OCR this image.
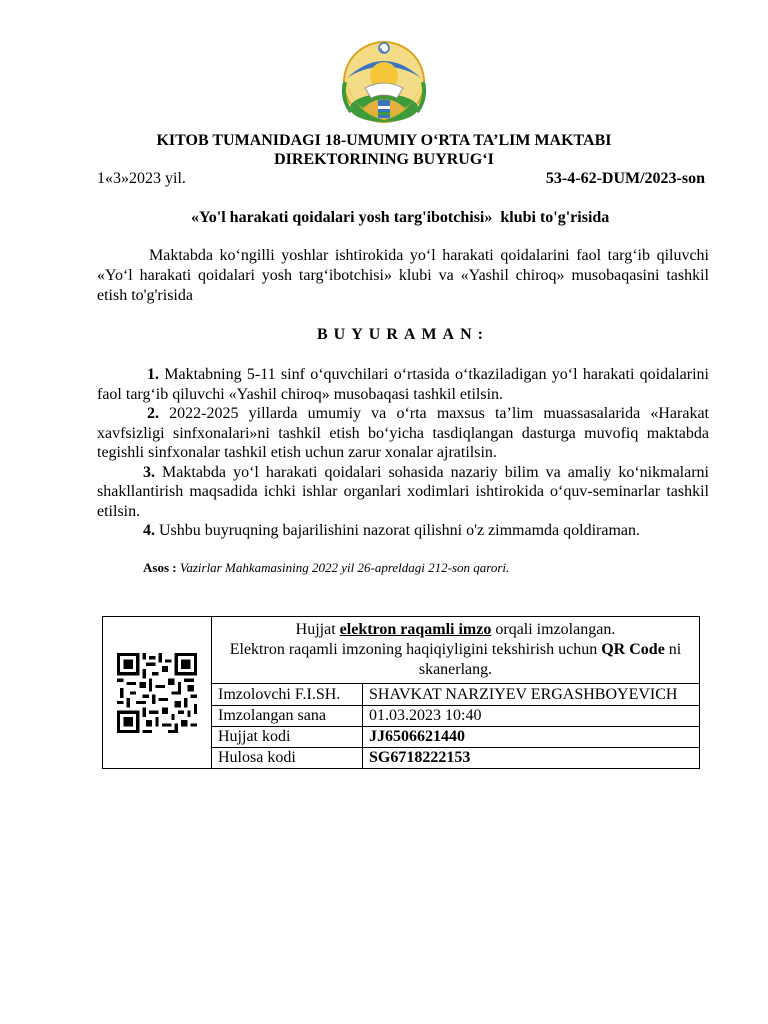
KITOB TUMANIDAGI 18-UMUMIY O‘RTA TA’LIM MAKTABI
DIREKTORINING BUYRUG‘I
1«3»2023 yil.	53-4-62-DUM/2023-son
«Yo'l harakati qoidalari yosh targ'ibotchisi»  klubi to'g'risida
Maktabda ko‘ngilli yoshlar ishtirokida yo‘l harakati qoidalarini faol targ‘ib qiluvchi «Yo‘l harakati qoidalari yosh targ‘ibotchisi» klubi va «Yashil chiroq» musobaqasini tashkil etish to'g'risida
BUYURAMAN:

1. Maktabning 5-11 sinf o‘quvchilari o‘rtasida o‘tkaziladigan yo‘l harakati qoidalarini faol targ‘ib qiluvchi «Yashil chiroq» musobaqasi tashkil etilsin.

2. 2022-2025 yillarda umumiy va o‘rta maxsus ta’lim muassasalarida «Harakat xavfsizligi sinfxonalari»ni tashkil etish bo‘yicha tasdiqlangan dasturga muvofiq maktabda tegishli sinfxonalar tashkil etish uchun zarur xonalar ajratilsin.

3. Maktabda yo‘l harakati qoidalari sohasida nazariy bilim va amaliy ko‘nikmalarni shakllantirish maqsadida ichki ishlar organlari xodimlari ishtirokida o‘quv-seminarlar tashkil etilsin.

4. Ushbu buyruqning bajarilishini nazorat qilishni o'z zimmamda qoldiraman.

Asos : Vazirlar Mahkamasining 2022 yil 26-apreldagi 212-son qarori.

Hujjat elektron raqamli imzo orqali imzolangan.
Elektron raqamli imzoning haqiqiyligini tekshirish uchun QR Code ni skanerlang.	

	Imzolovchi F.I.SH.	SHAVKAT NARZIYEV ERGASHBOYEVICH
	Imzolangan sana	01.03.2023 10:40
	Hujjat kodi	JJ6506621440
	Hulosa kodi	SG6718222153
